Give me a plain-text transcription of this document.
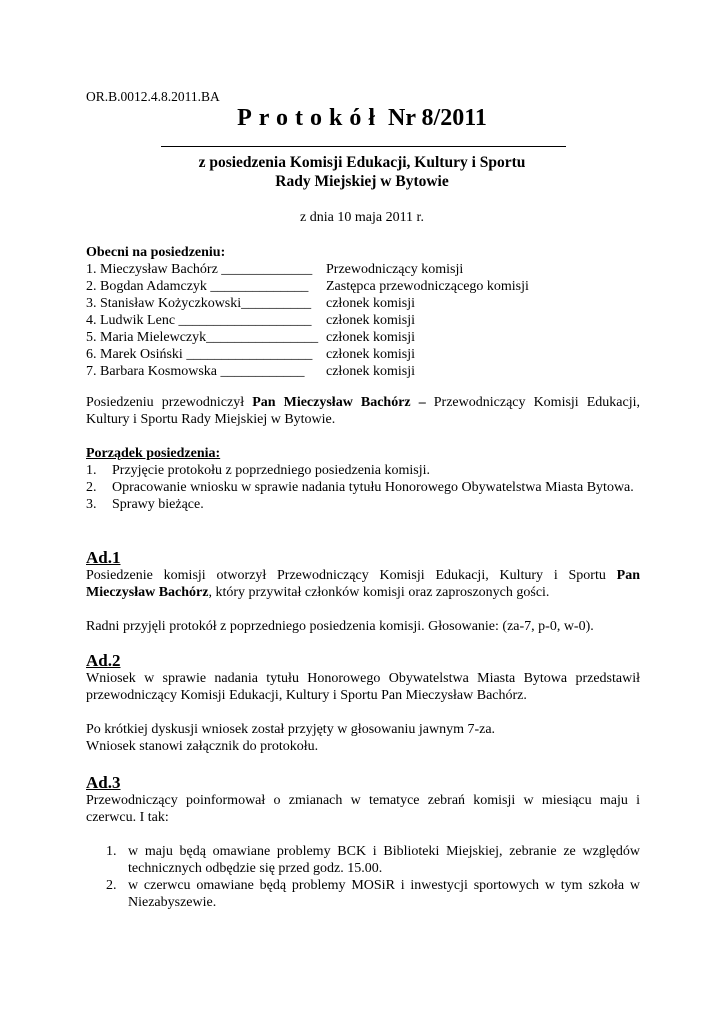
OR.B.0012.4.8.2011.BA
Protokół Nr 8/2011
z posiedzenia Komisji Edukacji, Kultury i Sportu
Rady Miejskiej w Bytowie
z dnia 10 maja 2011 r.
Obecni na posiedzeniu:
1. Mieczysław Bachórz _____________ Przewodniczący komisji
2. Bogdan Adamczyk ______________ Zastępca przewodniczącego komisji
3. Stanisław Kożyczkowski__________ członek komisji
4. Ludwik Lenc ___________________ członek komisji
5. Maria Mielewczyk________________ członek komisji
6. Marek Osiński __________________ członek komisji
7. Barbara Kosmowska ____________ członek komisji
Posiedzeniu przewodniczył Pan Mieczysław Bachórz – Przewodniczący Komisji Edukacji, Kultury i Sportu Rady Miejskiej w Bytowie.
Porządek posiedzenia:
1. Przyjęcie protokołu z poprzedniego posiedzenia komisji.
2. Opracowanie wniosku w sprawie nadania tytułu Honorowego Obywatelstwa Miasta Bytowa.
3. Sprawy bieżące.
Ad.1
Posiedzenie komisji otworzył Przewodniczący Komisji Edukacji, Kultury i Sportu Pan Mieczysław Bachórz, który przywitał członków komisji oraz zaproszonych gości.
Radni przyjęli protokół z poprzedniego posiedzenia komisji. Głosowanie: (za-7, p-0, w-0).
Ad.2
Wniosek w sprawie nadania tytułu Honorowego Obywatelstwa Miasta Bytowa przedstawił przewodniczący Komisji Edukacji, Kultury i Sportu Pan Mieczysław Bachórz.
Po krótkiej dyskusji wniosek został przyjęty w głosowaniu jawnym 7-za.
Wniosek stanowi załącznik do protokołu.
Ad.3
Przewodniczący poinformował o zmianach w tematyce zebrań komisji w miesiącu maju i czerwcu. I tak:
1. w maju będą omawiane problemy BCK i Biblioteki Miejskiej, zebranie ze względów technicznych odbędzie się przed godz. 15.00.
2. w czerwcu omawiane będą problemy MOSiR i inwestycji sportowych w tym szkoła w Niezabyszewie.
